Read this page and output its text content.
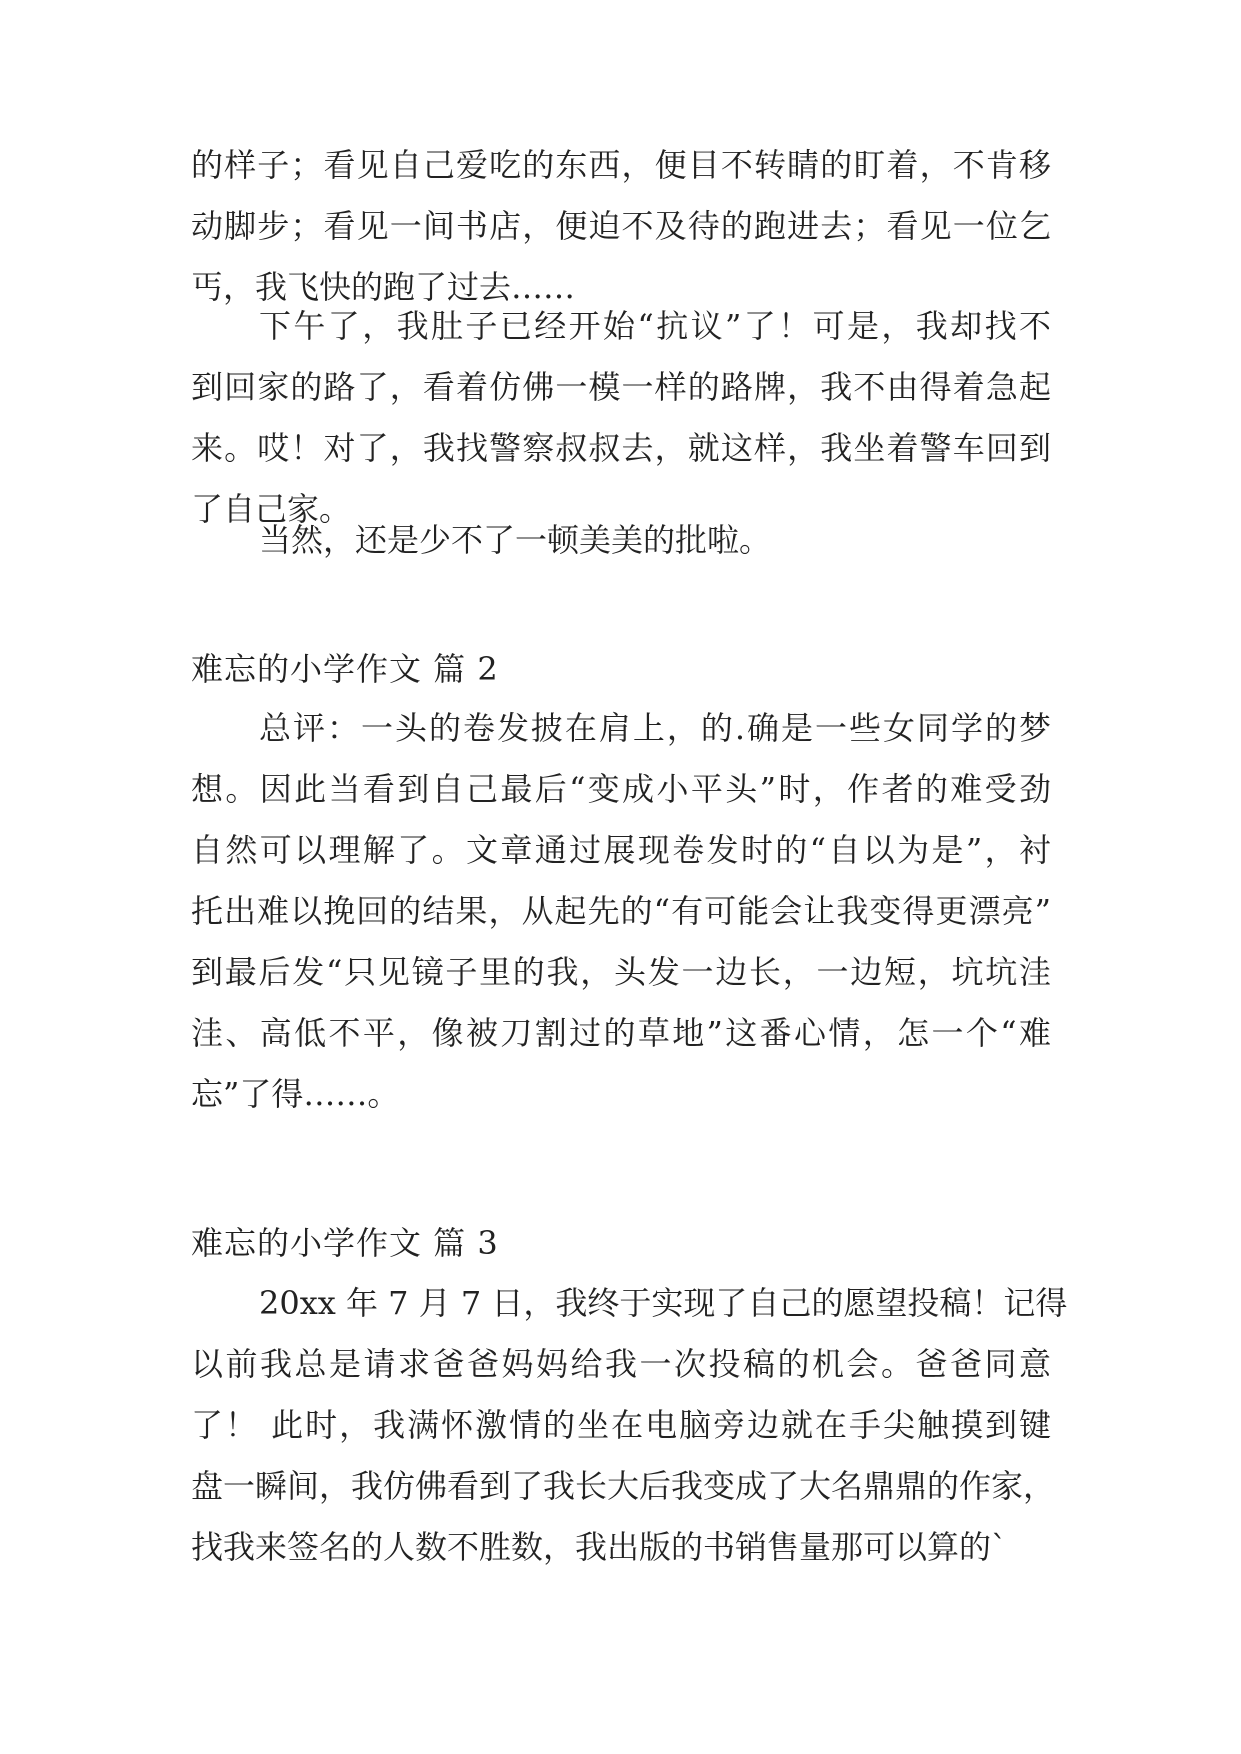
的样子；看见自己爱吃的东西，便目不转睛的盯着，不肯移
动脚步；看见一间书店，便迫不及待的跑进去；看见一位乞
丐，我飞快的跑了过去……
下午了，我肚子已经开始“抗议”了！可是，我却找不
到回家的路了，看着仿佛一模一样的路牌，我不由得着急起
来。哎！对了，我找警察叔叔去，就这样，我坐着警车回到
了自己家。
当然，还是少不了一顿美美的批啦。
难忘的小学作文 篇 2
总评：一头的卷发披在肩上，的.确是一些女同学的梦
想。因此当看到自己最后“变成小平头”时，作者的难受劲
自然可以理解了。文章通过展现卷发时的“自以为是”，衬
托出难以挽回的结果，从起先的“有可能会让我变得更漂亮”
到最后发“只见镜子里的我，头发一边长，一边短，坑坑洼
洼、高低不平，像被刀割过的草地”这番心情，怎一个“难
忘”了得……。
难忘的小学作文 篇 3
20xx 年 7 月 7 日，我终于实现了自己的愿望投稿！记得
以前我总是请求爸爸妈妈给我一次投稿的机会。爸爸同意
了！ 此时，我满怀激情的坐在电脑旁边就在手尖触摸到键
盘一瞬间，我仿佛看到了我长大后我变成了大名鼎鼎的作家，
找我来签名的人数不胜数，我出版的书销售量那可以算的`
